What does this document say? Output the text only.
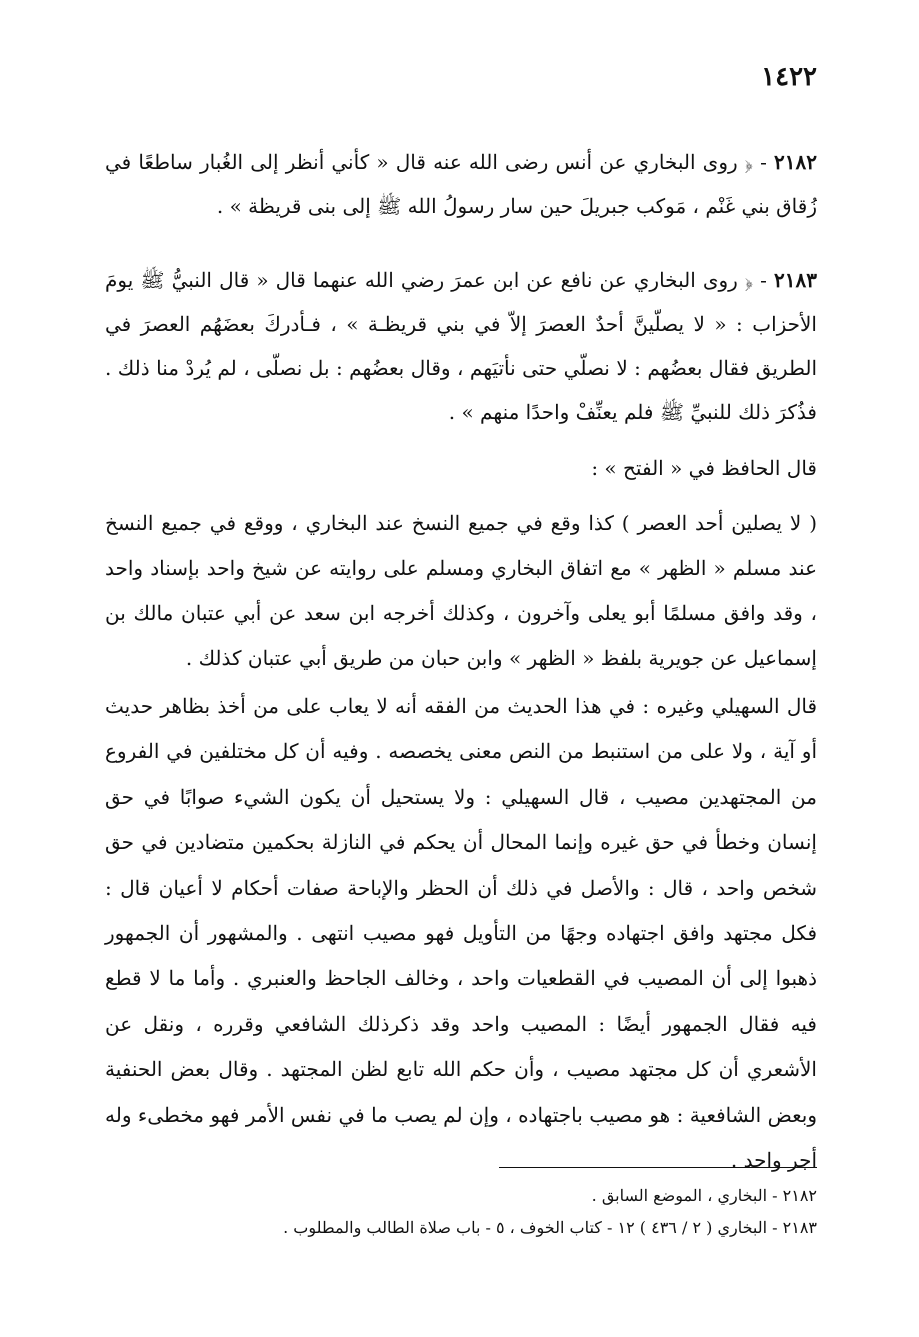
١٤٢٢

٢١٨٢ - ﴿ روى البخاري عن أنس رضى الله عنه قال « كأني أنظر إلى الغُبار ساطعًا في زُقاق بني غَنْم ، مَوكب جبريلَ حين سار رسولُ الله ﷺ إلى بنى قريظة » .

٢١٨٣ - ﴿ روى البخاري عن نافع عن ابن عمرَ رضي الله عنهما قال « قال النبيُّ ﷺ يومَ الأحزاب : « لا يصلّينَّ أحدٌ العصرَ إلاّ في بني قريظـة » ، فـأدركَ بعضَهُم العصرَ في الطريق فقال بعضُهم : لا نصلّي حتى نأتيَهم ، وقال بعضُهم : بل نصلّى ، لم يُردْ منا ذلك . فذُكرَ ذلك للنبيِّ ﷺ فلم يعنِّفْ واحدًا منهم » .

قال الحافظ في « الفتح » :

( لا يصلين أحد العصر ) كذا وقع في جميع النسخ عند البخاري ، ووقع في جميع النسخ عند مسلم « الظهر » مع اتفاق البخاري ومسلم على روايته عن شيخ واحد بإسناد واحد ، وقد وافق مسلمًا أبو يعلى وآخرون ، وكذلك أخرجه ابن سعد عن أبي عتبان مالك بن إسماعيل عن جويرية بلفظ « الظهر » وابن حبان من طريق أبي عتبان كذلك .

قال السهيلي وغيره : في هذا الحديث من الفقه أنه لا يعاب على من أخذ بظاهر حديث أو آية ، ولا على من استنبط من النص معنى يخصصه . وفيه أن كل مختلفين في الفروع من المجتهدين مصيب ، قال السهيلي : ولا يستحيل أن يكون الشيء صوابًا في حق إنسان وخطأ في حق غيره وإنما المحال أن يحكم في النازلة بحكمين متضادين في حق شخص واحد ، قال : والأصل في ذلك أن الحظر والإباحة صفات أحكام لا أعيان قال : فكل مجتهد وافق اجتهاده وجهًا من التأويل فهو مصيب انتهى . والمشهور أن الجمهور ذهبوا إلى أن المصيب في القطعيات واحد ، وخالف الجاحظ والعنبري . وأما ما لا قطع فيه فقال الجمهور أيضًا : المصيب واحد وقد ذكرذلك الشافعي وقرره ، ونقل عن الأشعري أن كل مجتهد مصيب ، وأن حكم الله تابع لظن المجتهد . وقال بعض الحنفية وبعض الشافعية : هو مصيب باجتهاده ، وإن لم يصب ما في نفس الأمر فهو مخطىء وله أجر واحد .

٢١٨٢ - البخاري ، الموضع السابق .

٢١٨٣ - البخاري ( ٢ / ٤٣٦ ) ١٢ - كتاب الخوف ، ٥ - باب صلاة الطالب والمطلوب .
